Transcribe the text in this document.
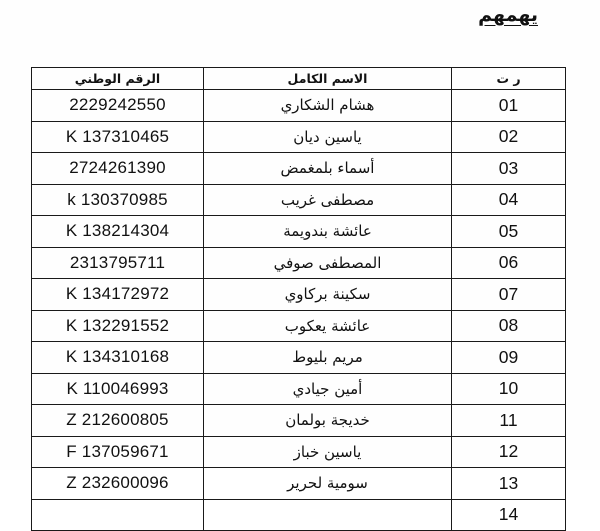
يهمهم
الرقم الوطني	الاسم الكامل	ر ت
2229242550	هشام الشكاري	01
K 137310465	ياسين ديان	02
2724261390	أسماء بلمغمض	03
k 130370985	مصطفى غريب	04
K 138214304	عائشة بندويمة	05
2313795711	المصطفى صوفي	06
K 134172972	سكينة بركاوي	07
K 132291552	عائشة يعكوب	08
K 134310168	مريم بليوط	09
K 110046993	أمين جيادي	10
Z 212600805	خديجة بولمان	11
F 137059671	ياسين خباز	12
Z 232600096	سومية لحرير	13
		14
